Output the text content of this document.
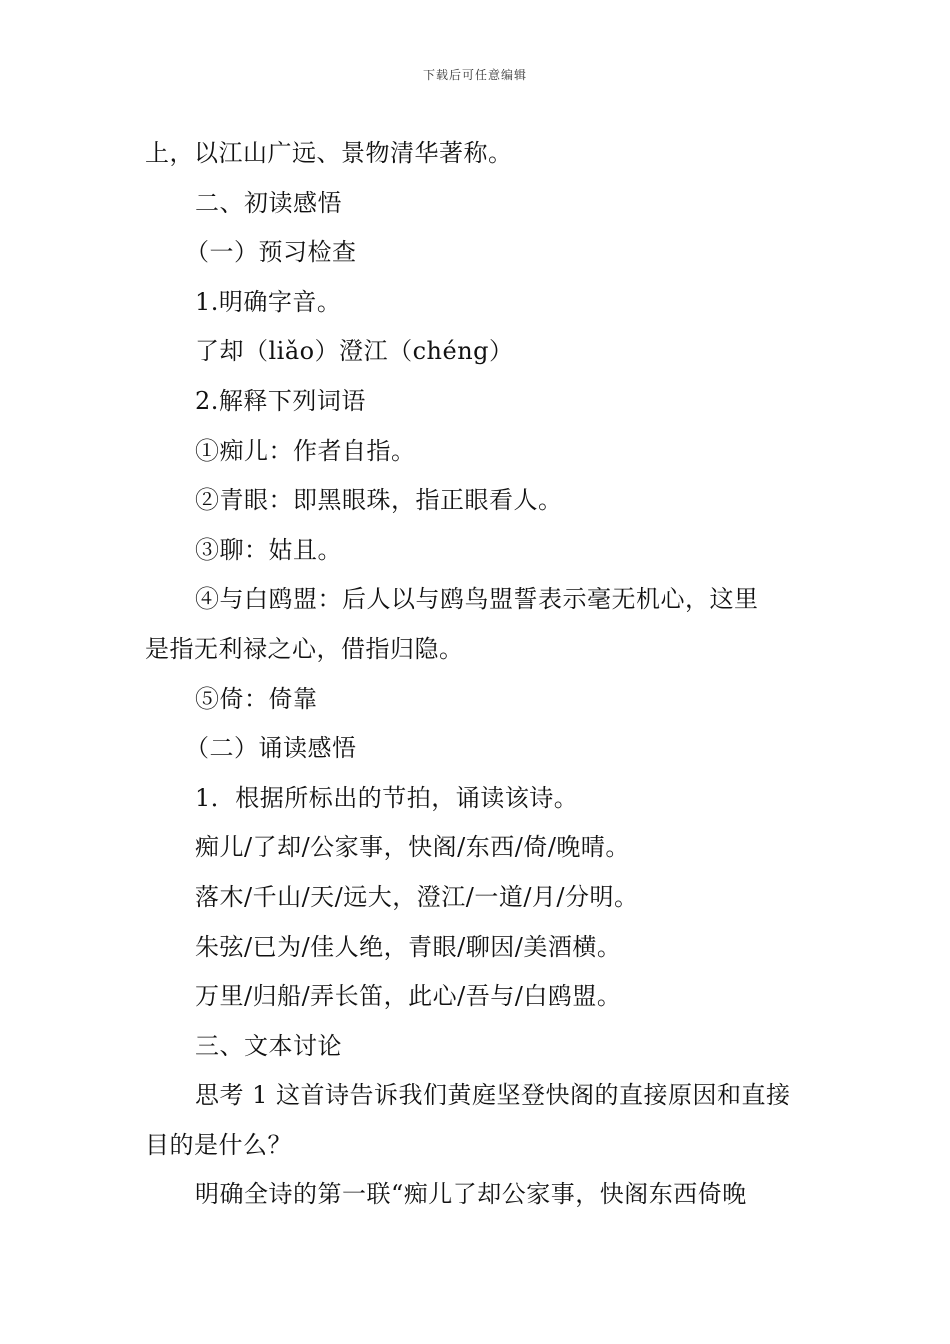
下载后可任意编辑
上，以江山广远、景物清华著称。
二、初读感悟
（一）预习检查
1.明确字音。
了却（liǎo）澄江（chéng）
2.解释下列词语
①痴儿：作者自指。
②青眼：即黑眼珠，指正眼看人。
③聊：姑且。
④与白鸥盟：后人以与鸥鸟盟誓表示毫无机心，这里
是指无利禄之心，借指归隐。
⑤倚：倚靠
（二）诵读感悟
1．根据所标出的节拍，诵读该诗。
痴儿/了却/公家事，快阁/东西/倚/晚晴。
落木/千山/天/远大，澄江/一道/月/分明。
朱弦/已为/佳人绝，青眼/聊因/美酒横。
万里/归船/弄长笛，此心/吾与/白鸥盟。
三、文本讨论
思考 1 这首诗告诉我们黄庭坚登快阁的直接原因和直接
目的是什么？
明确全诗的第一联“痴儿了却公家事，快阁东西倚晚
